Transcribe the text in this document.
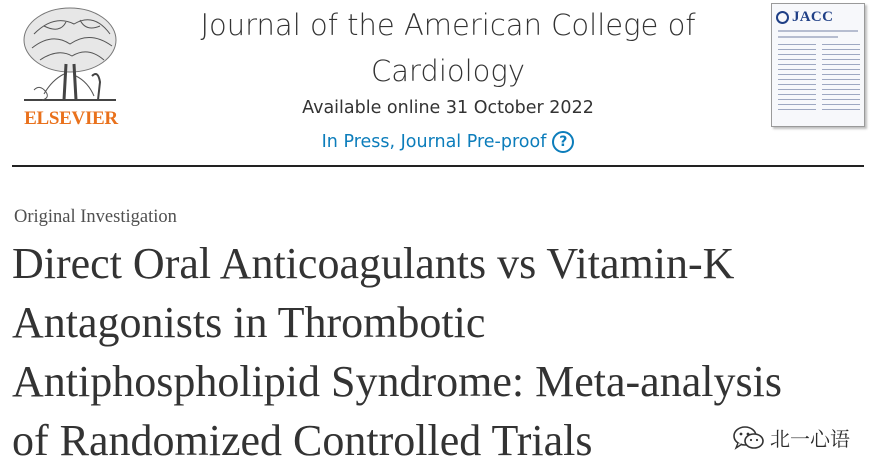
ELSEVIER
Journal of the American College of
Cardiology
Available online 31 October 2022
In Press, Journal Pre-proof ?
JACC
Original Investigation
Direct Oral Anticoagulants vs Vitamin-K
Antagonists in Thrombotic
Antiphospholipid Syndrome: Meta-analysis
of Randomized Controlled Trials	北一心语
